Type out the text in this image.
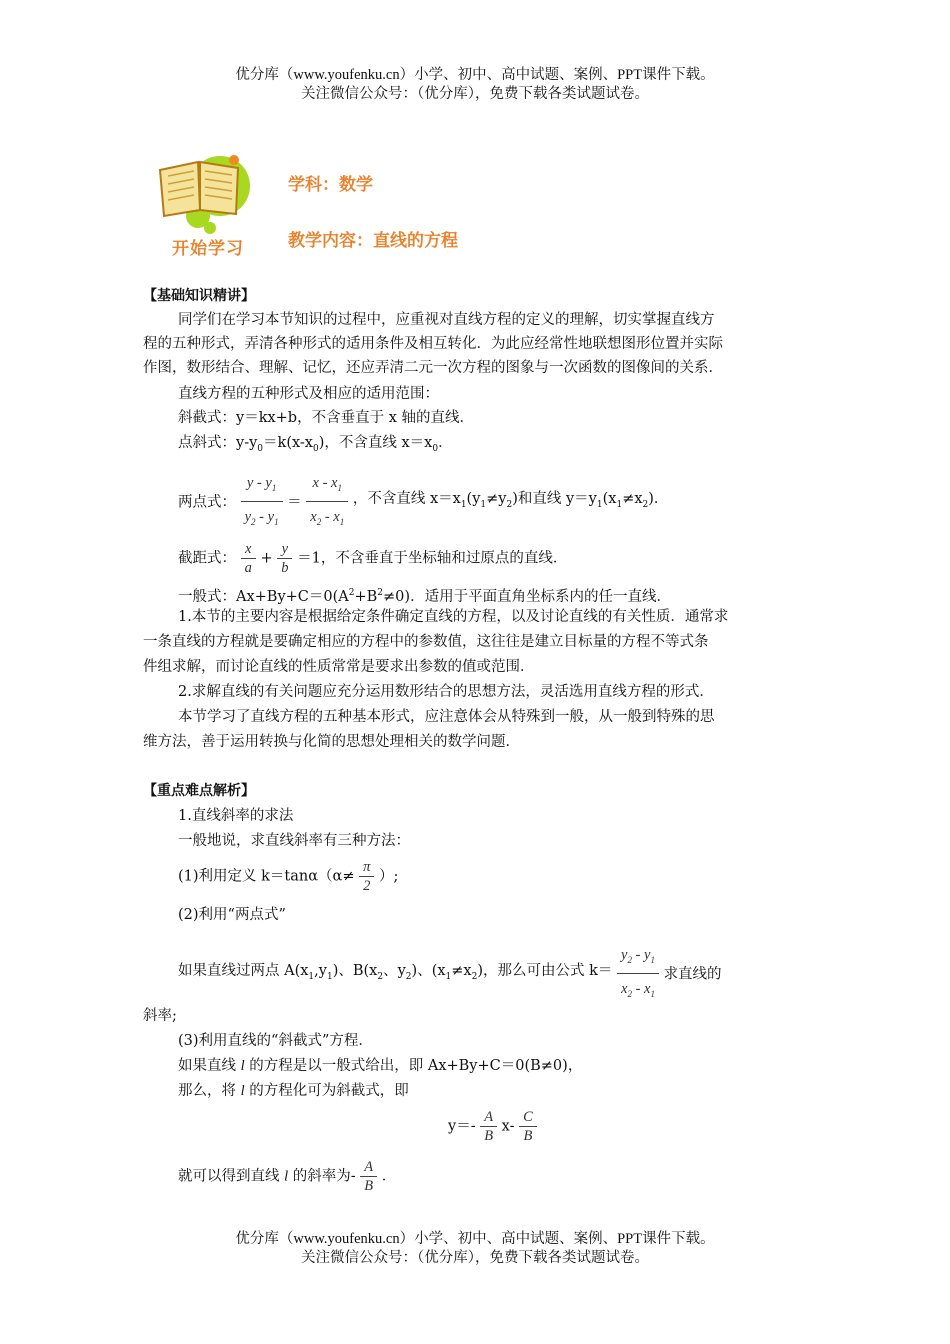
优分库（www.youfenku.cn）小学、初中、高中试题、案例、PPT课件下载。
关注微信公众号：（优分库），免费下载各类试题试卷。
开始学习
学科：数学
教学内容：直线的方程
【基础知识精讲】
同学们在学习本节知识的过程中，应重视对直线方程的定义的理解，切实掌握直线方
程的五种形式，弄清各种形式的适用条件及相互转化．为此应经常性地联想图形位置并实际
作图，数形结合、理解、记忆，还应弄清二元一次方程的图象与一次函数的图像间的关系．
直线方程的五种形式及相应的适用范围：
斜截式：y＝kx+b，不含垂直于 x 轴的直线．
点斜式：$y-y_0=k(x-x_0)$，不含直线 $x=x_0$．
两点式： $\frac{y - y_1}{y_2 - y_1} = \frac{x - x_1}{x_2 - x_1}$ ，不含直线 $x=x_1(y_1\ne y_2)$和直线 $y=y_1(x_1\ne x_2)$．
截距式： $\frac{x}{a} + \frac{y}{b} =1$，不含垂直于坐标轴和过原点的直线．
一般式：$Ax+By+C=0(A^2+B^2\ne 0)$．适用于平面直角坐标系内的任一直线．
1.本节的主要内容是根据给定条件确定直线的方程，以及讨论直线的有关性质．通常求
一条直线的方程就是要确定相应的方程中的参数值，这往往是建立目标量的方程不等式条
件组求解，而讨论直线的性质常常是要求出参数的值或范围．
2.求解直线的有关问题应充分运用数形结合的思想方法，灵活选用直线方程的形式．
本节学习了直线方程的五种基本形式，应注意体会从特殊到一般，从一般到特殊的思
维方法，善于运用转换与化简的思想处理相关的数学问题．
【重点难点解析】
1.直线斜率的求法
一般地说，求直线斜率有三种方法：
(1)利用定义 $k=\tan\alpha(\alpha\ne \frac{\pi}{2}$ ）;
(2)利用“两点式”
如果直线过两点 $A(x_1,y_1)$、$B(x_2$、$y_2$)、$(x_1\ne x_2)$，那么可由公式 $k= \frac{y_2 - y_1}{x_2 - x_1}$ 求直线的
斜率;
(3)利用直线的“斜截式”方程．
如果直线 l 的方程是以一般式给出，即 Ax+By+C＝0(B≠0)，
那么，将 l 的方程化可为斜截式，即
$y=- \frac{A}{B} x- \frac{C}{B}$
就可以得到直线 l 的斜率为- $\frac{A}{B}$ ．
优分库（www.youfenku.cn）小学、初中、高中试题、案例、PPT课件下载。
关注微信公众号：（优分库），免费下载各类试题试卷。
